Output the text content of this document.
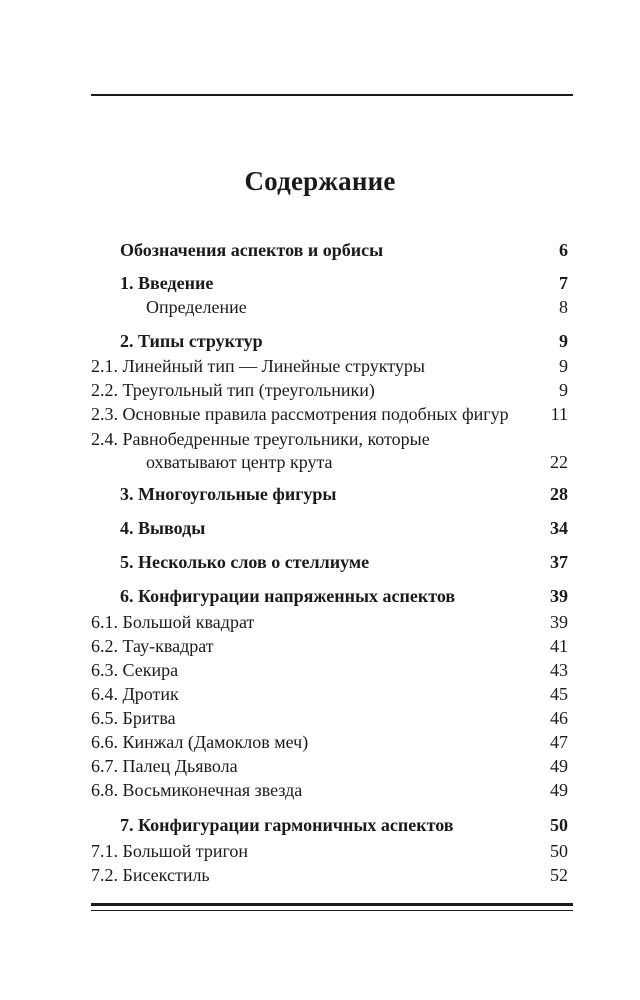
Содержание
Обозначения аспектов и орбисы	6
1. Введение	7
Определение	8
2. Типы структур	9
2.1. Линейный тип — Линейные структуры	9
2.2. Треугольный тип (треугольники)	9
2.3. Основные правила рассмотрения подобных фигур 11
2.4. Равнобедренные треугольники, которые
охватывают центр крута	22
3. Многоугольные фигуры	28
4. Выводы	34
5. Несколько слов о стеллиуме	37
6. Конфигурации напряженных аспектов	39
6.1. Большой квадрат	39
6.2. Тау-квадрат	41
6.3. Секира	43
6.4. Дротик	45
6.5. Бритва	46
6.6. Кинжал (Дамоклов меч)	47
6.7. Палец Дьявола	49
6.8. Восьмиконечная звезда	49
7. Конфигурации гармоничных аспектов	50
7.1. Большой тригон	50
7.2. Бисекстиль	52
